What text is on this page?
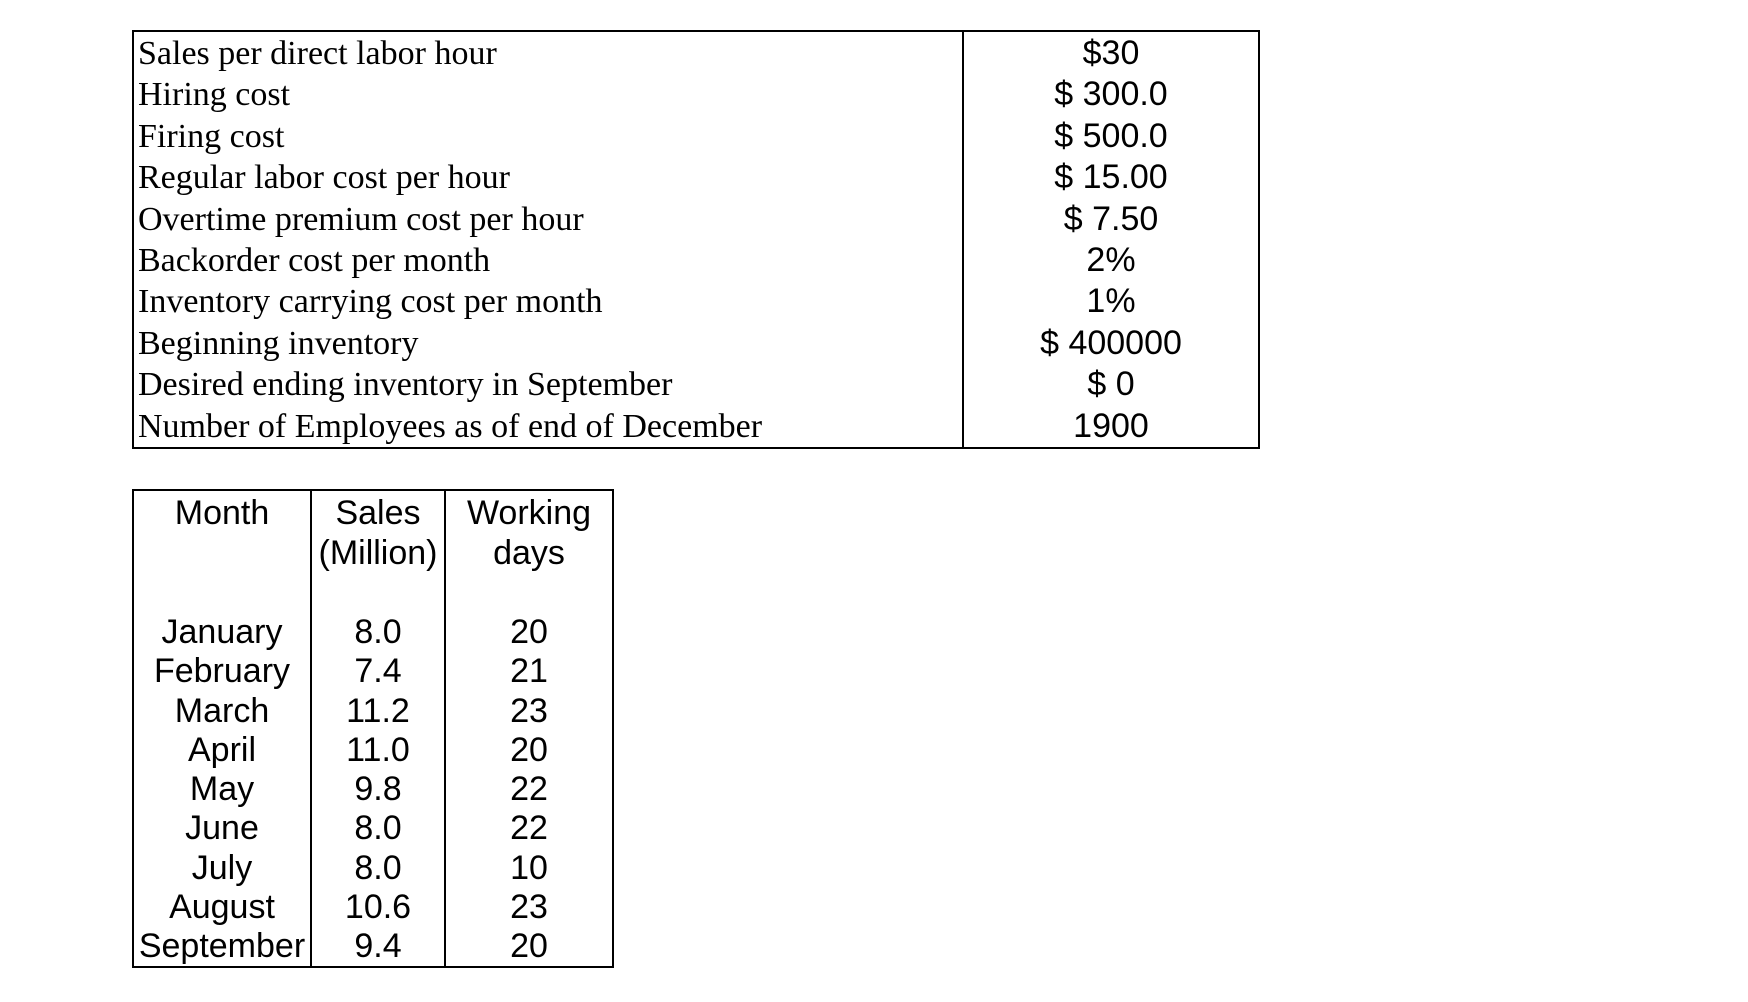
Sales per direct labor hour
Hiring cost
Firing cost
Regular labor cost per hour
Overtime premium cost per hour
Backorder cost per month
Inventory carrying cost per month
Beginning inventory
Desired ending inventory in September
Number of Employees as of end of December
$30
$ 300.0
$ 500.0
$ 15.00
$ 7.50
2%
1%
$ 400000
$ 0
1900
Month
January
February
March
April
May
June
July
August
September
Sales
(Million)
8.0
7.4
11.2
11.0
9.8
8.0
8.0
10.6
9.4
Working
days
20
21
23
20
22
22
10
23
20
